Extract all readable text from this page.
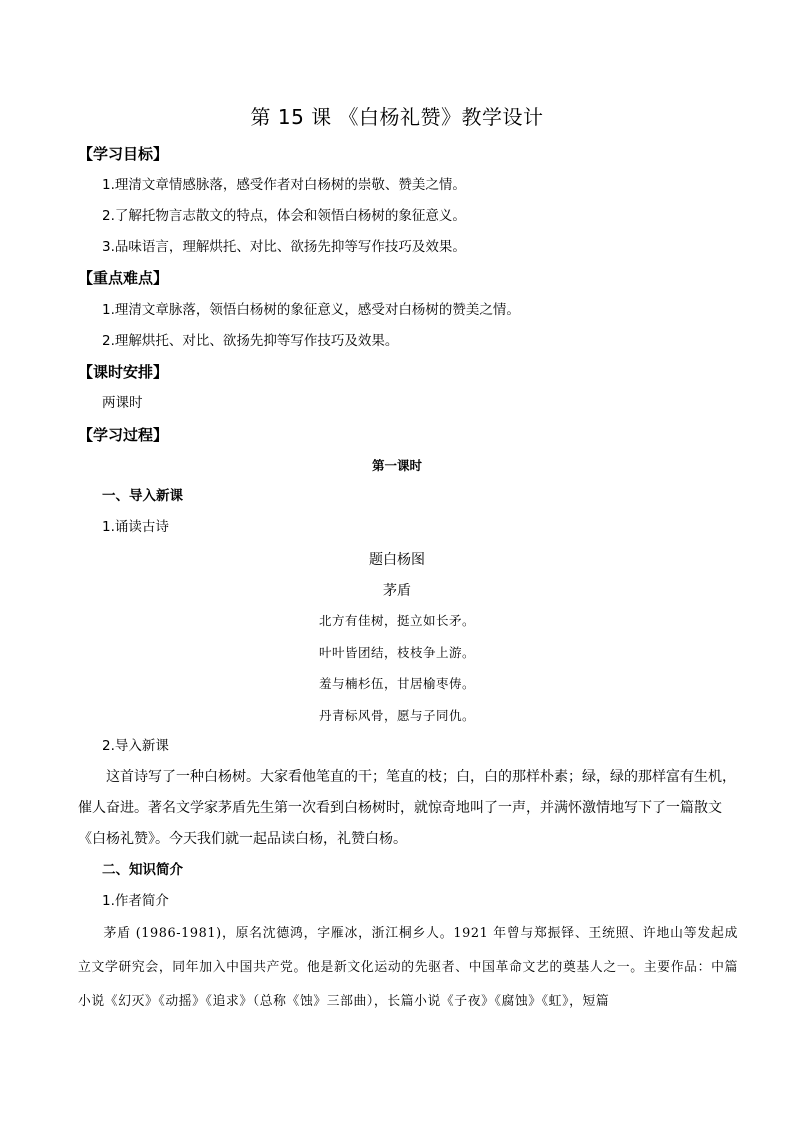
第 15 课 《白杨礼赞》教学设计
【学习目标】
1.理清文章情感脉落，感受作者对白杨树的崇敬、赞美之情。
2.了解托物言志散文的特点，体会和领悟白杨树的象征意义。
3.品味语言，理解烘托、对比、欲扬先抑等写作技巧及效果。
【重点难点】
1.理清文章脉落，领悟白杨树的象征意义，感受对白杨树的赞美之情。
2.理解烘托、对比、欲扬先抑等写作技巧及效果。
【课时安排】
两课时
【学习过程】
第一课时
一、导入新课
1.诵读古诗
题白杨图
茅盾
北方有佳树，挺立如长矛。
叶叶皆团结，枝枝争上游。
羞与楠杉伍，甘居榆枣俦。
丹青标风骨，愿与子同仇。
2.导入新课
这首诗写了一种白杨树。大家看他笔直的干；笔直的枝；白，白的那样朴素；绿，绿的那样富有生机，催人奋进。著名文学家茅盾先生第一次看到白杨树时，就惊奇地叫了一声，并满怀激情地写下了一篇散文《白杨礼赞》。今天我们就一起品读白杨，礼赞白杨。
二、知识简介
1.作者简介
茅盾 (1986-1981)，原名沈德鸿，字雁冰，浙江桐乡人。1921 年曾与郑振铎、王统照、许地山等发起成立文学研究会，同年加入中国共产党。他是新文化运动的先驱者、中国革命文艺的奠基人之一。主要作品：中篇小说《幻灭》《动摇》《追求》（总称《蚀》三部曲），长篇小说《子夜》《腐蚀》《虹》，短篇
